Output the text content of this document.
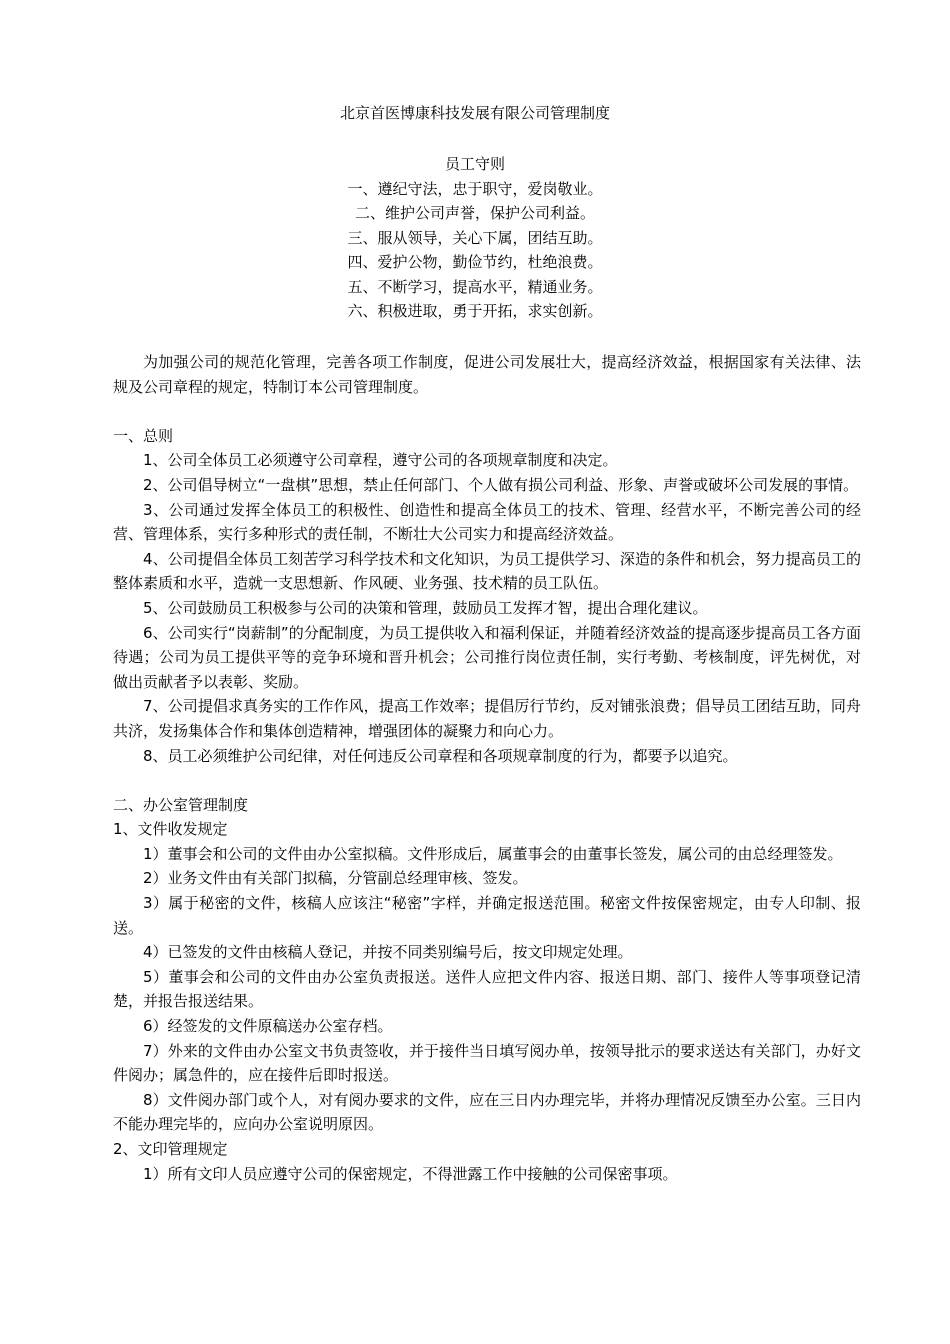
北京首医博康科技发展有限公司管理制度
员工守则
一、遵纪守法，忠于职守，爱岗敬业。
二、维护公司声誉，保护公司利益。
三、服从领导，关心下属，团结互助。
四、爱护公物，勤俭节约，杜绝浪费。
五、不断学习，提高水平，精通业务。
六、积极进取，勇于开拓，求实创新。

为加强公司的规范化管理，完善各项工作制度，促进公司发展壮大，提高经济效益，根据国家有关法律、法规及公司章程的规定，特制订本公司管理制度。

一、总则

1、公司全体员工必须遵守公司章程，遵守公司的各项规章制度和决定。

2、公司倡导树立“一盘棋”思想，禁止任何部门、个人做有损公司利益、形象、声誉或破坏公司发展的事情。

3、公司通过发挥全体员工的积极性、创造性和提高全体员工的技术、管理、经营水平，不断完善公司的经营、管理体系，实行多种形式的责任制，不断壮大公司实力和提高经济效益。

4、公司提倡全体员工刻苦学习科学技术和文化知识，为员工提供学习、深造的条件和机会，努力提高员工的整体素质和水平，造就一支思想新、作风硬、业务强、技术精的员工队伍。

5、公司鼓励员工积极参与公司的决策和管理，鼓励员工发挥才智，提出合理化建议。

6、公司实行“岗薪制”的分配制度，为员工提供收入和福利保证，并随着经济效益的提高逐步提高员工各方面待遇；公司为员工提供平等的竞争环境和晋升机会；公司推行岗位责任制，实行考勤、考核制度，评先树优，对做出贡献者予以表彰、奖励。

7、公司提倡求真务实的工作作风，提高工作效率；提倡厉行节约，反对铺张浪费；倡导员工团结互助，同舟共济，发扬集体合作和集体创造精神，增强团体的凝聚力和向心力。

8、员工必须维护公司纪律，对任何违反公司章程和各项规章制度的行为，都要予以追究。

二、办公室管理制度

1、文件收发规定

1）董事会和公司的文件由办公室拟稿。文件形成后，属董事会的由董事长签发，属公司的由总经理签发。

2）业务文件由有关部门拟稿，分管副总经理审核、签发。

3）属于秘密的文件，核稿人应该注“秘密”字样，并确定报送范围。秘密文件按保密规定，由专人印制、报送。

4）已签发的文件由核稿人登记，并按不同类别编号后，按文印规定处理。

5）董事会和公司的文件由办公室负责报送。送件人应把文件内容、报送日期、部门、接件人等事项登记清楚，并报告报送结果。

6）经签发的文件原稿送办公室存档。

7）外来的文件由办公室文书负责签收，并于接件当日填写阅办单，按领导批示的要求送达有关部门，办好文件阅办；属急件的，应在接件后即时报送。

8）文件阅办部门或个人，对有阅办要求的文件，应在三日内办理完毕，并将办理情况反馈至办公室。三日内不能办理完毕的，应向办公室说明原因。

2、文印管理规定

1）所有文印人员应遵守公司的保密规定，不得泄露工作中接触的公司保密事项。
